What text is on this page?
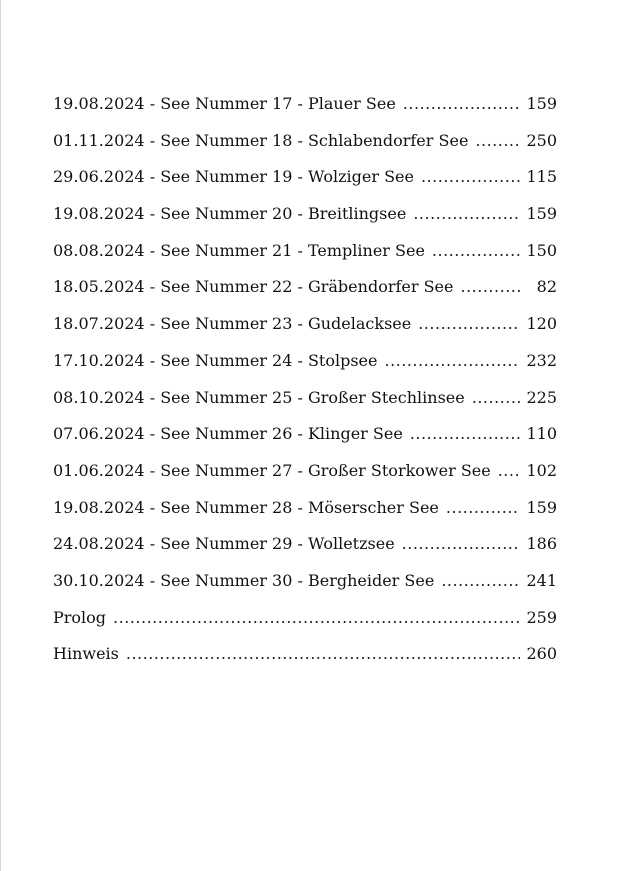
19.08.2024 - See Nummer 17 - Plauer See .....	159
01.11.2024 - See Nummer 18 - Schlabendorfer See .....	250
29.06.2024 - See Nummer 19 - Wolziger See .....	115
19.08.2024 - See Nummer 20 - Breitlingsee .....	159
08.08.2024 - See Nummer 21 - Templiner See .....	150
18.05.2024 - See Nummer 22 - Gräbendorfer See .....	82
18.07.2024 - See Nummer 23 - Gudelacksee .....	120
17.10.2024 - See Nummer 24 - Stolpsee .....	232
08.10.2024 - See Nummer 25 - Großer Stechlinsee .....	225
07.06.2024 - See Nummer 26 - Klinger See .....	110
01.06.2024 - See Nummer 27 - Großer Storkower See ..... 102
19.08.2024 - See Nummer 28 - Möserscher See .....	159
24.08.2024 - See Nummer 29 - Wolletzsee .....	186
30.10.2024 - See Nummer 30 - Bergheider See .....	241
Prolog .....	259
Hinweis .....	260
